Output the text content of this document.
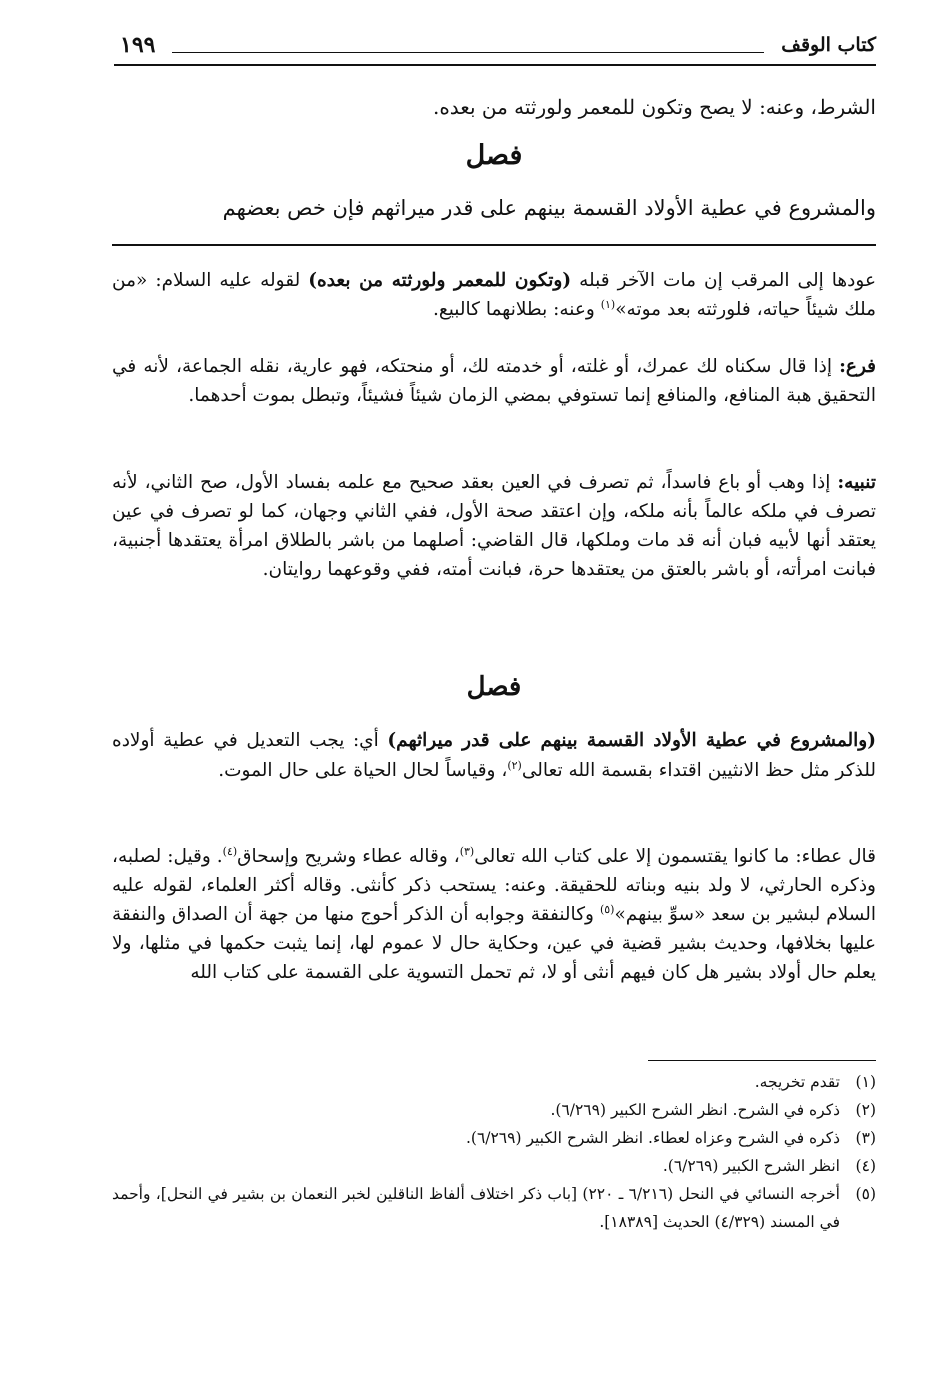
كتاب الوقف
١٩٩
الشرط، وعنه: لا يصح وتكون للمعمر ولورثته من بعده.
فصل
والمشروع في عطية الأولاد القسمة بينهم على قدر ميراثهم فإن خص بعضهم
عودها إلى المرقب إن مات الآخر قبله (وتكون للمعمر ولورثته من بعده) لقوله عليه السلام: «من ملك شيئاً حياته، فلورثته بعد موته»$^{(١)}$ وعنه: بطلانهما كالبيع.
فرع: إذا قال سكناه لك عمرك، أو غلته، أو خدمته لك، أو منحتكه، فهو عارية، نقله الجماعة، لأنه في التحقيق هبة المنافع، والمنافع إنما تستوفي بمضي الزمان شيئاً فشيئاً، وتبطل بموت أحدهما.
تنبيه: إذا وهب أو باع فاسداً، ثم تصرف في العين بعقد صحيح مع علمه بفساد الأول، صح الثاني، لأنه تصرف في ملكه عالماً بأنه ملكه، وإن اعتقد صحة الأول، ففي الثاني وجهان، كما لو تصرف في عين يعتقد أنها لأبيه فبان أنه قد مات وملكها، قال القاضي: أصلهما من باشر بالطلاق امرأة يعتقدها أجنبية، فبانت امرأته، أو باشر بالعتق من يعتقدها حرة، فبانت أمته، ففي وقوعهما روايتان.
فصل
(والمشروع في عطية الأولاد القسمة بينهم على قدر ميراثهم) أي: يجب التعديل في عطية أولاده للذكر مثل حظ الانثيين اقتداء بقسمة الله تعالى$^{(٢)}$، وقياساً لحال الحياة على حال الموت.
قال عطاء: ما كانوا يقتسمون إلا على كتاب الله تعالى$^{(٣)}$، وقاله عطاء وشريح وإسحاق$^{(٤)}$. وقيل: لصلبه، وذكره الحارثي، لا ولد بنيه وبناته للحقيقة. وعنه: يستحب ذكر كأنثى. وقاله أكثر العلماء، لقوله عليه السلام لبشير بن سعد «سوِّ بينهم»$^{(٥)}$ وكالنفقة وجوابه أن الذكر أحوج منها من جهة أن الصداق والنفقة عليها بخلافها، وحديث بشير قضية في عين، وحكاية حال لا عموم لها، إنما يثبت حكمها في مثلها، ولا يعلم حال أولاد بشير هل كان فيهم أنثى أو لا، ثم تحمل التسوية على القسمة على كتاب الله
(١)
تقدم تخريجه.
(٢)
ذكره في الشرح. انظر الشرح الكبير (٦/٢٦٩).
(٣)
ذكره في الشرح وعزاه لعطاء. انظر الشرح الكبير (٦/٢٦٩).
(٤)
انظر الشرح الكبير (٦/٢٦٩).
(٥)
أخرجه النسائي في النحل (٦/٢١٦ ـ ٢٢٠) [باب ذكر اختلاف ألفاظ الناقلين لخبر النعمان بن بشير في النحل]، وأحمد في المسند (٤/٣٢٩) الحديث [١٨٣٨٩].
